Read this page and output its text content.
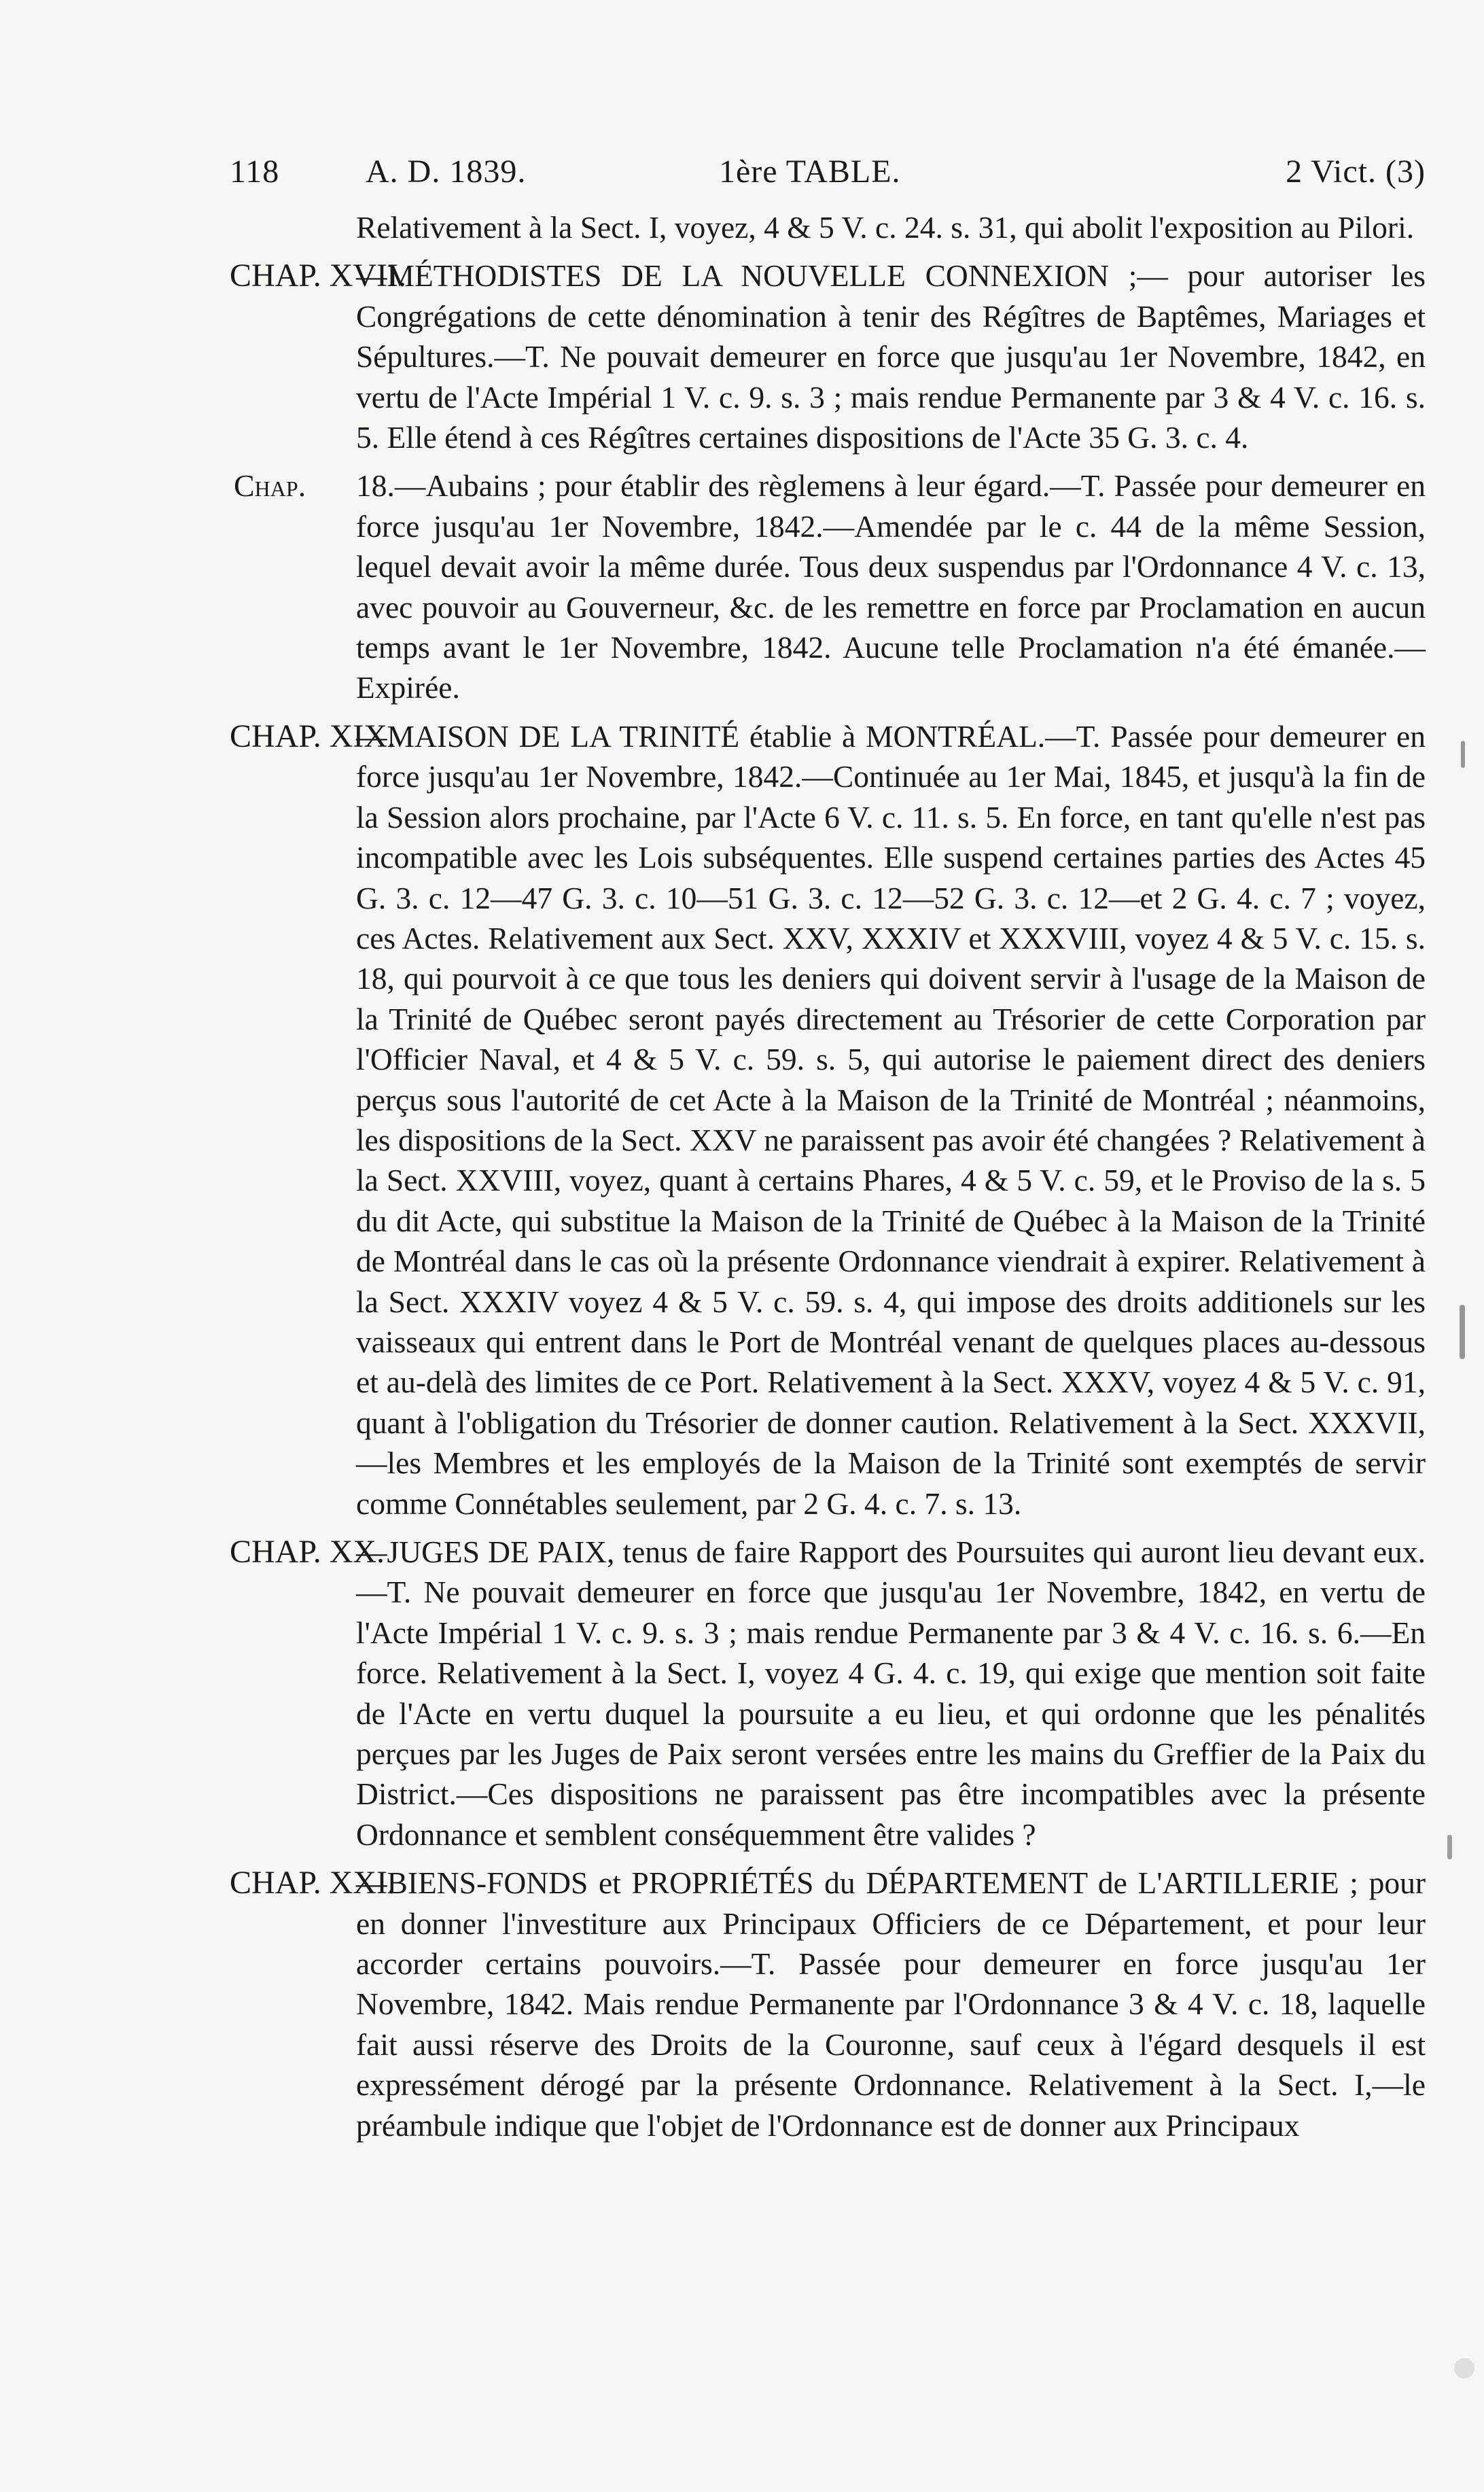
118	A. D. 1839.	1ère TABLE.	2 Vict. (3)

Relativement à la Sect. I, voyez, 4 & 5 V. c. 24. s. 31, qui abolit l'exposition au Pilori.

CHAP. XVII.

—MÉTHODISTES DE LA NOUVELLE CONNEXION ;— pour autoriser les Congrégations de cette dénomination à tenir des Régîtres de Baptêmes, Mariages et Sépultures.—T. Ne pouvait demeurer en force que jusqu'au 1er Novembre, 1842, en vertu de l'Acte Impérial 1 V. c. 9. s. 3 ; mais rendue Permanente par 3 & 4 V. c. 16. s. 5. Elle étend à ces Régîtres certaines dispositions de l'Acte 35 G. 3. c. 4.

Chap.	18.—Aubains ; pour établir des règlemens à leur égard.—T. Passée pour demeurer en force jusqu'au 1er Novembre, 1842.—Amendée par le c. 44 de la même Session, lequel devait avoir la même durée. Tous deux suspendus par l'Ordonnance 4 V. c. 13, avec pouvoir au Gouverneur, &c. de les remettre en force par Proclamation en aucun temps avant le 1er Novembre, 1842. Aucune telle Proclamation n'a été émanée.—Expirée.

CHAP. XIX.

—MAISON DE LA TRINITÉ établie à MONTRÉAL.—T. Passée pour demeurer en force jusqu'au 1er Novembre, 1842.—Continuée au 1er Mai, 1845, et jusqu'à la fin de la Session alors prochaine, par l'Acte 6 V. c. 11. s. 5. En force, en tant qu'elle n'est pas incompatible avec les Lois subséquentes. Elle suspend certaines parties des Actes 45 G. 3. c. 12—47 G. 3. c. 10—51 G. 3. c. 12—52 G. 3. c. 12—et 2 G. 4. c. 7 ; voyez, ces Actes. Relativement aux Sect. XXV, XXXIV et XXXVIII, voyez 4 & 5 V. c. 15. s. 18, qui pourvoit à ce que tous les deniers qui doivent servir à l'usage de la Maison de la Trinité de Québec seront payés directement au Trésorier de cette Corporation par l'Officier Naval, et 4 & 5 V. c. 59. s. 5, qui autorise le paiement direct des deniers perçus sous l'autorité de cet Acte à la Maison de la Trinité de Montréal ; néanmoins, les dispositions de la Sect. XXV ne paraissent pas avoir été changées ? Relativement à la Sect. XXVIII, voyez, quant à certains Phares, 4 & 5 V. c. 59, et le Proviso de la s. 5 du dit Acte, qui substitue la Maison de la Trinité de Québec à la Maison de la Trinité de Montréal dans le cas où la présente Ordonnance viendrait à expirer. Relativement à la Sect. XXXIV voyez 4 & 5 V. c. 59. s. 4, qui impose des droits additionels sur les vaisseaux qui entrent dans le Port de Montréal venant de quelques places au-dessous et au-delà des limites de ce Port. Relativement à la Sect. XXXV, voyez 4 & 5 V. c. 91, quant à l'obligation du Trésorier de donner caution. Relativement à la Sect. XXXVII,—les Membres et les employés de la Maison de la Trinité sont exemptés de servir comme Connétables seulement, par 2 G. 4. c. 7. s. 13.

CHAP. XX.

—JUGES DE PAIX, tenus de faire Rapport des Poursuites qui auront lieu devant eux.—T. Ne pouvait demeurer en force que jusqu'au 1er Novembre, 1842, en vertu de l'Acte Impérial 1 V. c. 9. s. 3 ; mais rendue Permanente par 3 & 4 V. c. 16. s. 6.—En force. Relativement à la Sect. I, voyez 4 G. 4. c. 19, qui exige que mention soit faite de l'Acte en vertu duquel la poursuite a eu lieu, et qui ordonne que les pénalités perçues par les Juges de Paix seront versées entre les mains du Greffier de la Paix du District.—Ces dispositions ne paraissent pas être incompatibles avec la présente Ordonnance et semblent conséquemment être valides ?

CHAP. XXI.

—BIENS-FONDS et PROPRIÉTÉS du DÉPARTEMENT de L'ARTILLERIE ; pour en donner l'investiture aux Principaux Officiers de ce Département, et pour leur accorder certains pouvoirs.—T. Passée pour demeurer en force jusqu'au 1er Novembre, 1842. Mais rendue Permanente par l'Ordonnance 3 & 4 V. c. 18, laquelle fait aussi réserve des Droits de la Couronne, sauf ceux à l'égard desquels il est expressément dérogé par la présente Ordonnance. Relativement à la Sect. I,—le préambule indique que l'objet de l'Ordonnance est de donner aux Principaux
